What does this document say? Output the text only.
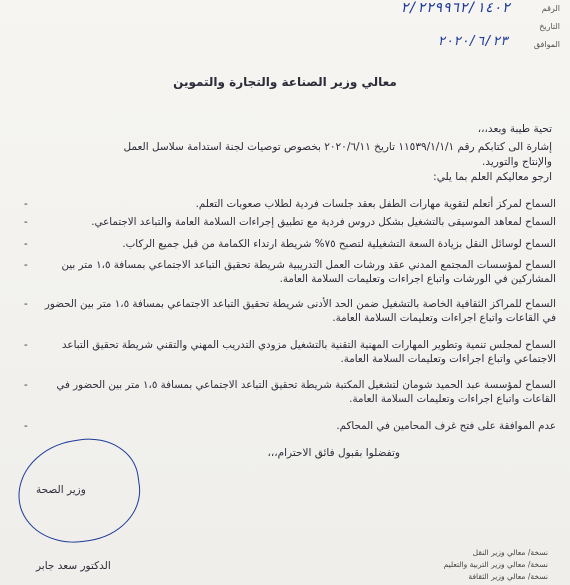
الرقم
٢/٢٢٩٩٦٢/١٤٠٢
التاريخ
الموافق
٢٠٢٠/٦/٢٣
معالي وزير الصناعة والتجارة والتموين
تحية طيبة وبعد،،،
إشارة الى كتابكم رقم ١١٥٣٩/١/١/١ تاريخ ٢٠٢٠/٦/١١ بخصوص توصيات لجنة استدامة سلاسل العمل
والإنتاج والتوريد.
ارجو معاليكم العلم بما يلي:
-	السماح لمركز أتعلم لتقوية مهارات الطفل بعقد جلسات فردية لطلاب صعوبات التعلم.
-	السماح لمعاهد الموسيقى بالتشغيل بشكل دروس فردية مع تطبيق إجراءات السلامة العامة والتباعد الاجتماعي.
-	السماح لوسائل النقل بزيادة السعة التشغيلية لتصبح ٧٥% شريطة ارتداء الكمامة من قبل جميع الركاب.
-	السماح لمؤسسات المجتمع المدني عقد ورشات العمل التدريبية شريطة تحقيق التباعد الاجتماعي بمسافة ١،٥ متر بين المشاركين في الورشات واتباع اجراءات وتعليمات السلامة العامة.
- السماح للمراكز الثقافية الخاصة بالتشغيل ضمن الحد الأدنى شريطة تحقيق التباعد الاجتماعي بمسافة ١،٥ متر بين الحضور في القاعات واتباع اجراءات وتعليمات السلامة العامة.
-	السماح لمجلس تنمية وتطوير المهارات المهنية التقنية بالتشغيل مزودي التدريب المهني والتقني شريطة تحقيق التباعد الاجتماعي واتباع اجراءات وتعليمات السلامة العامة.
-	السماح لمؤسسة عبد الحميد شومان لتشغيل المكتبة شريطة تحقيق التباعد الاجتماعي بمسافة ١،٥ متر بين الحضور في القاعات واتباع اجراءات وتعليمات السلامة العامة.
-	عدم الموافقة على فتح غرف المحامين في المحاكم.
وتفضلوا بقبول فائق الاحترام،،،
وزير الصحة
الدكتور سعد جابر
نسخة/ معالي وزير النقل
نسخة/ معالي وزير التربية والتعليم
نسخة/ معالي وزير الثقافة
